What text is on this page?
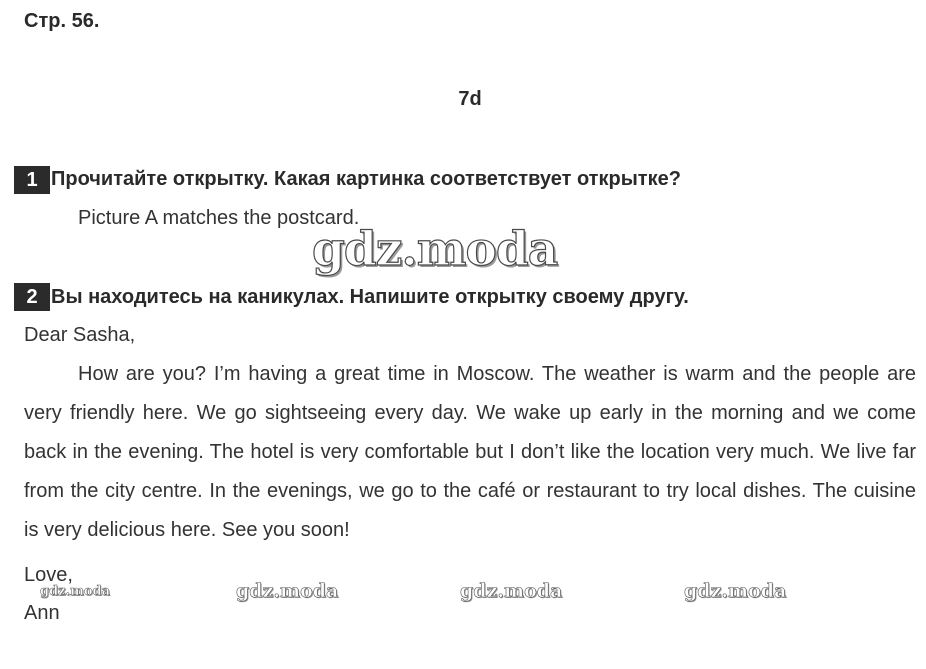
Стр. 56.
7d
1 Прочитайте открытку. Какая картинка соответствует открытке?
Picture A matches the postcard.
gdz.moda
2 Вы находитесь на каникулах. Напишите открытку своему другу.

Dear Sasha,

How are you? I’m having a great time in Moscow. The weather is warm and the people are very friendly here. We go sightseeing every day. We wake up early in the morning and we come back in the evening. The hotel is very comfortable but I don’t like the location very much. We live far from the city centre. In the evenings, we go to the café or restaurant to try local dishes. The cuisine is very delicious here. See you soon!

Love,
Ann
gdz.moda	gdz.moda	gdz.moda	gdz.moda
